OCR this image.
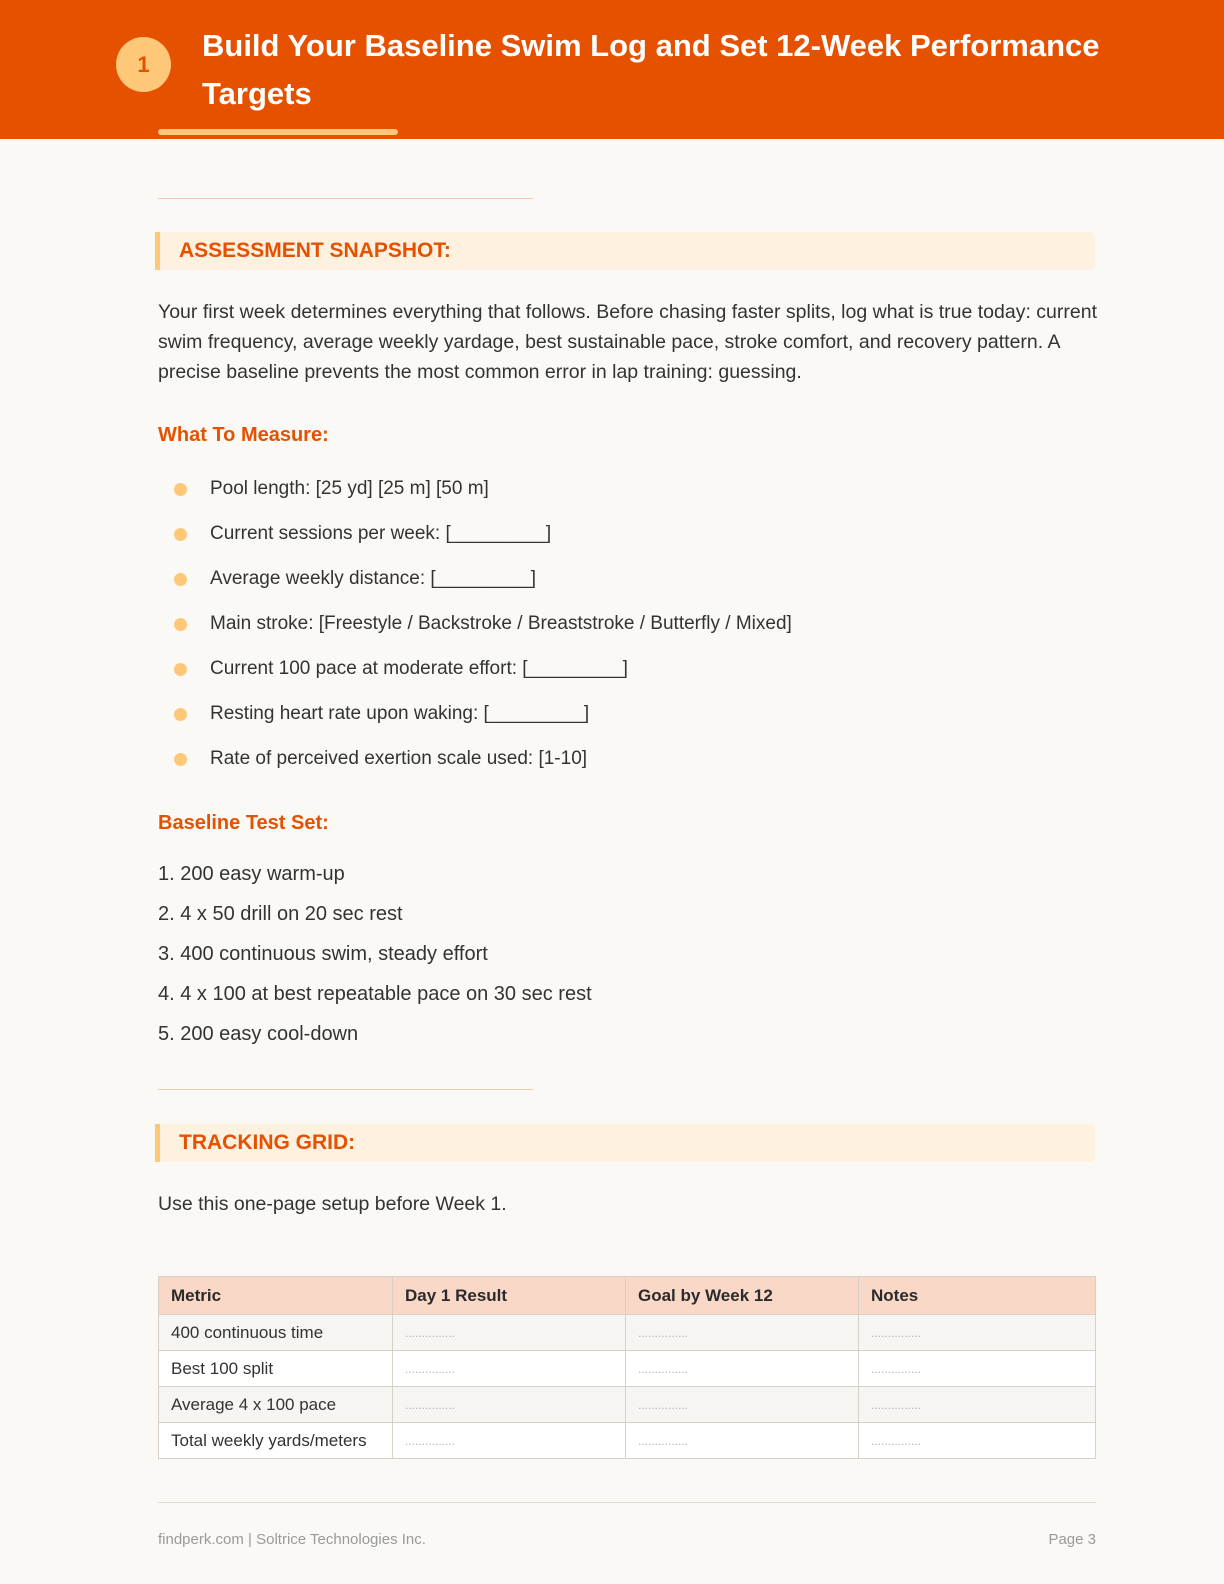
1
Build Your Baseline Swim Log and Set 12-Week Performance Targets
ASSESSMENT SNAPSHOT:

Your first week determines everything that follows. Before chasing faster splits, log what is true today: current swim frequency, average weekly yardage, best sustainable pace, stroke comfort, and recovery pattern. A precise baseline prevents the most common error in lap training: guessing.

What To Measure:
Pool length: [25 yd] [25 m] [50 m]
Current sessions per week: [_________]
Average weekly distance: [_________]
Main stroke: [Freestyle / Backstroke / Breaststroke / Butterfly / Mixed]
Current 100 pace at moderate effort: [_________]
Resting heart rate upon waking: [_________]
Rate of perceived exertion scale used: [1-10]
Baseline Test Set:
1. 200 easy warm-up
2. 4 x 50 drill on 20 sec rest
3. 400 continuous swim, steady effort
4. 4 x 100 at best repeatable pace on 30 sec rest
5. 200 easy cool-down
TRACKING GRID:

Use this one-page setup before Week 1.

Metric	Day 1 Result	Goal by Week 12	Notes
400 continuous time	...............	...............	...............
Best 100 split	...............	...............	...............
Average 4 x 100 pace	...............	...............	...............
Total weekly yards/meters	...............	...............	...............
findperk.com | Soltrice Technologies Inc.	Page 3
